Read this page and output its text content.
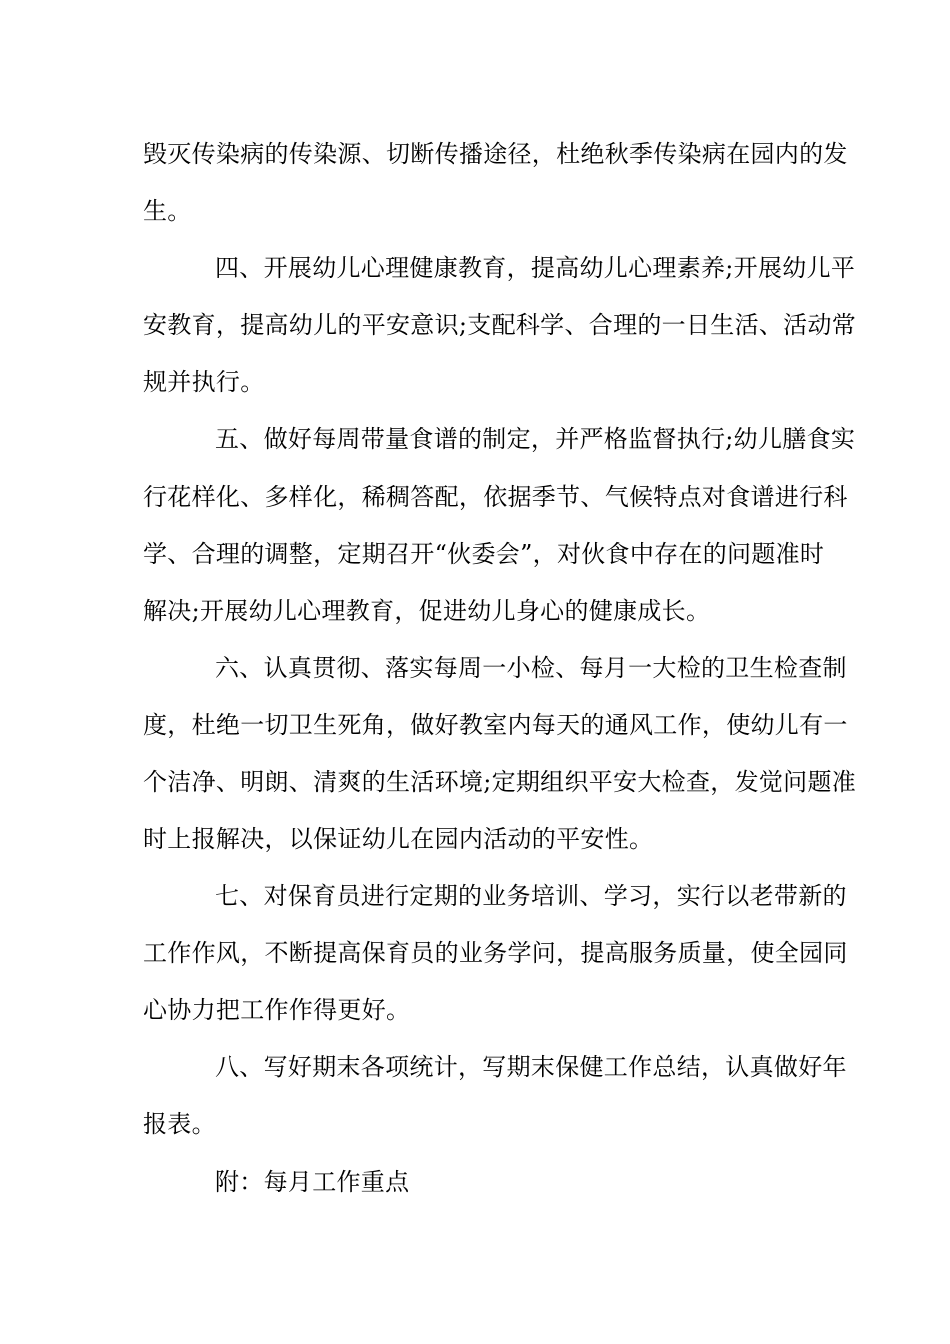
毁灭传染病的传染源、切断传播途径，杜绝秋季传染病在园内的发
生。
四、开展幼儿心理健康教育，提高幼儿心理素养;开展幼儿平
安教育，提高幼儿的平安意识;支配科学、合理的一日生活、活动常
规并执行。
五、做好每周带量食谱的制定，并严格监督执行;幼儿膳食实
行花样化、多样化，稀稠答配，依据季节、气候特点对食谱进行科
学、合理的调整，定期召开“伙委会”，对伙食中存在的问题准时
解决;开展幼儿心理教育，促进幼儿身心的健康成长。
六、认真贯彻、落实每周一小检、每月一大检的卫生检查制
度，杜绝一切卫生死角，做好教室内每天的通风工作，使幼儿有一
个洁净、明朗、清爽的生活环境;定期组织平安大检查，发觉问题准
时上报解决，以保证幼儿在园内活动的平安性。
七、对保育员进行定期的业务培训、学习，实行以老带新的
工作作风，不断提高保育员的业务学问，提高服务质量，使全园同
心协力把工作作得更好。
八、写好期末各项统计，写期末保健工作总结，认真做好年
报表。
附：每月工作重点
